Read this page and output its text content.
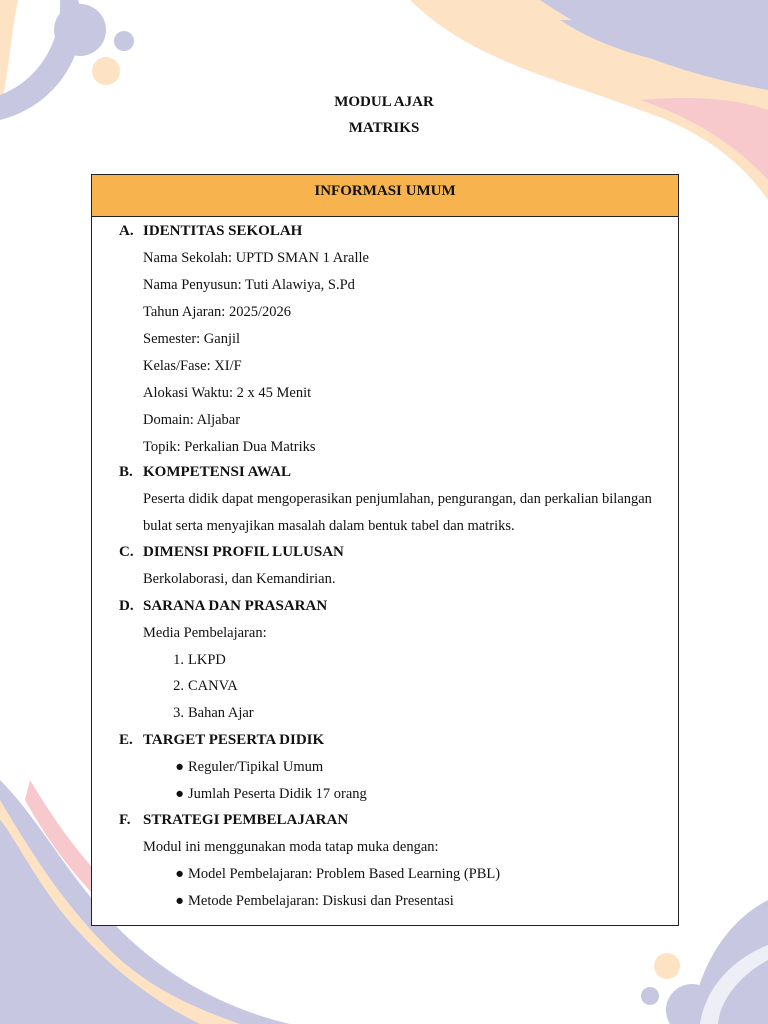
MODUL AJAR
MATRIKS
INFORMASI UMUM
A. IDENTITAS SEKOLAH
Nama Sekolah: UPTD SMAN 1 Aralle
Nama Penyusun: Tuti Alawiya, S.Pd
Tahun Ajaran: 2025/2026
Semester: Ganjil
Kelas/Fase: XI/F
Alokasi Waktu: 2 x 45 Menit
Domain: Aljabar
Topik: Perkalian Dua Matriks
B. KOMPETENSI AWAL
Peserta didik dapat mengoperasikan penjumlahan, pengurangan, dan perkalian bilangan
bulat serta menyajikan masalah dalam bentuk tabel dan matriks.
C. DIMENSI PROFIL LULUSAN
Berkolaborasi, dan Kemandirian.
D. SARANA DAN PRASARAN
Media Pembelajaran:
1. LKPD
2. CANVA
3. Bahan Ajar
E. TARGET PESERTA DIDIK
● Reguler/Tipikal Umum
● Jumlah Peserta Didik 17 orang
F. STRATEGI PEMBELAJARAN
Modul ini menggunakan moda tatap muka dengan:
● Model Pembelajaran: Problem Based Learning (PBL)
● Metode Pembelajaran: Diskusi dan Presentasi
